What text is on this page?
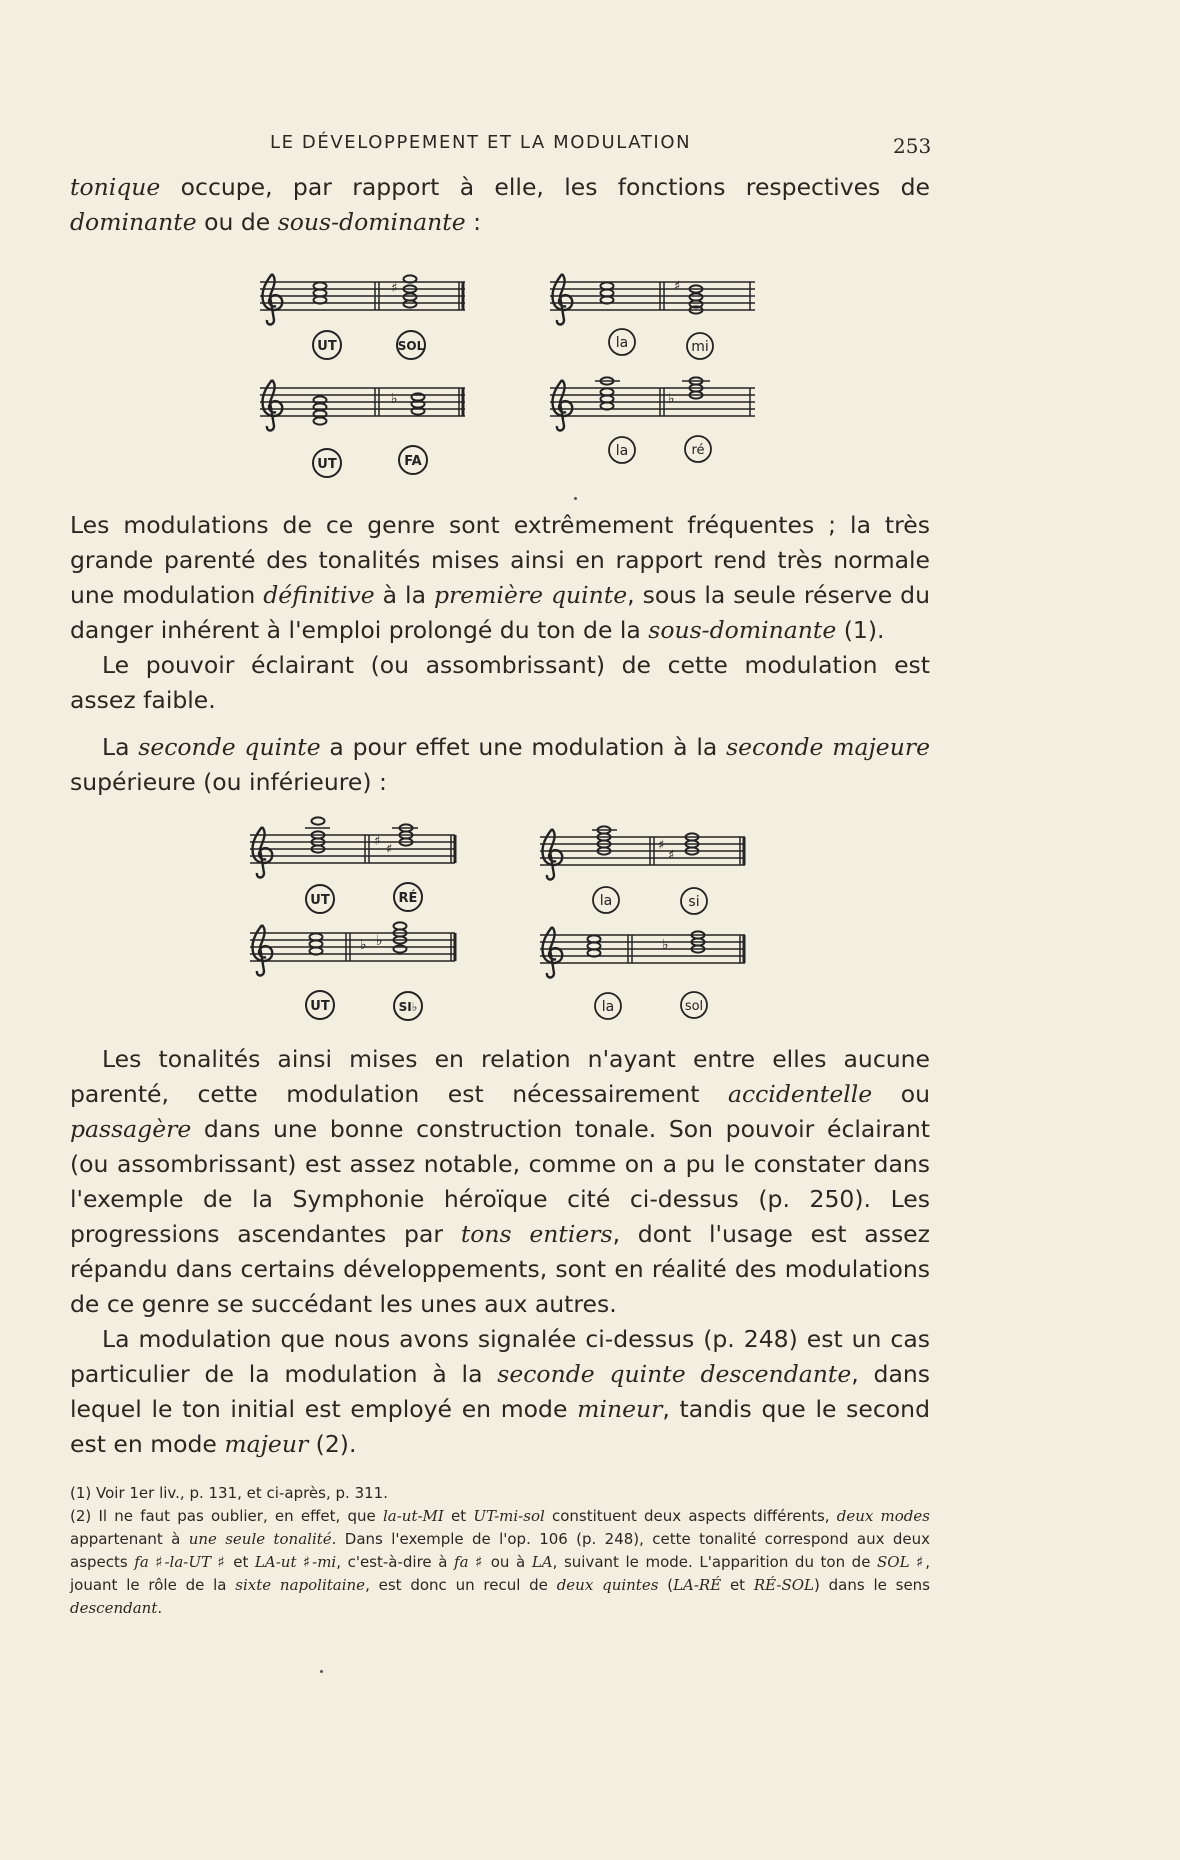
LE DÉVELOPPEMENT ET LA MODULATION	253

tonique occupe, par rapport à elle, les fonctions respectives de dominante ou de sous-dominante :

♯	♯
♭	♭
UT	SOL	la	mi
UT	FA
la	ré

Les modulations de ce genre sont extrêmement fréquentes ; la très grande parenté des tonalités mises ainsi en rapport rend très normale une modulation définitive à la première quinte, sous la seule réserve du danger inhérent à l'emploi prolongé du ton de la sous-dominante (1).

Le pouvoir éclairant (ou assombrissant) de cette modulation est assez faible.

La seconde quinte a pour effet une modulation à la seconde majeure supérieure (ou inférieure) :

♯
♯	♯
♯
♭ ♭	♭
UT	RÉ	la	si
UT	SI♭	la	sol

Les tonalités ainsi mises en relation n'ayant entre elles aucune parenté, cette modulation est nécessairement accidentelle ou passagère dans une bonne construction tonale. Son pouvoir éclairant (ou assombrissant) est assez notable, comme on a pu le constater dans l'exemple de la Symphonie héroïque cité ci-dessus (p. 250). Les progressions ascendantes par tons entiers, dont l'usage est assez répandu dans certains développements, sont en réalité des modulations de ce genre se succédant les unes aux autres.

La modulation que nous avons signalée ci-dessus (p. 248) est un cas particulier de la modulation à la seconde quinte descendante, dans lequel le ton initial est employé en mode mineur, tandis que le second est en mode majeur (2).

(1) Voir 1er liv., p. 131, et ci-après, p. 311.

(2) Il ne faut pas oublier, en effet, que la-ut-MI et UT-mi-sol constituent deux aspects différents, deux modes appartenant à une seule tonalité. Dans l'exemple de l'op. 106 (p. 248), cette tonalité correspond aux deux aspects fa ♯-la-UT ♯ et LA-ut ♯-mi, c'est-à-dire à fa ♯ ou à LA, suivant le mode. L'apparition du ton de SOL ♯, jouant le rôle de la sixte napolitaine, est donc un recul de deux quintes (LA-RÉ et RÉ-SOL) dans le sens descendant.
